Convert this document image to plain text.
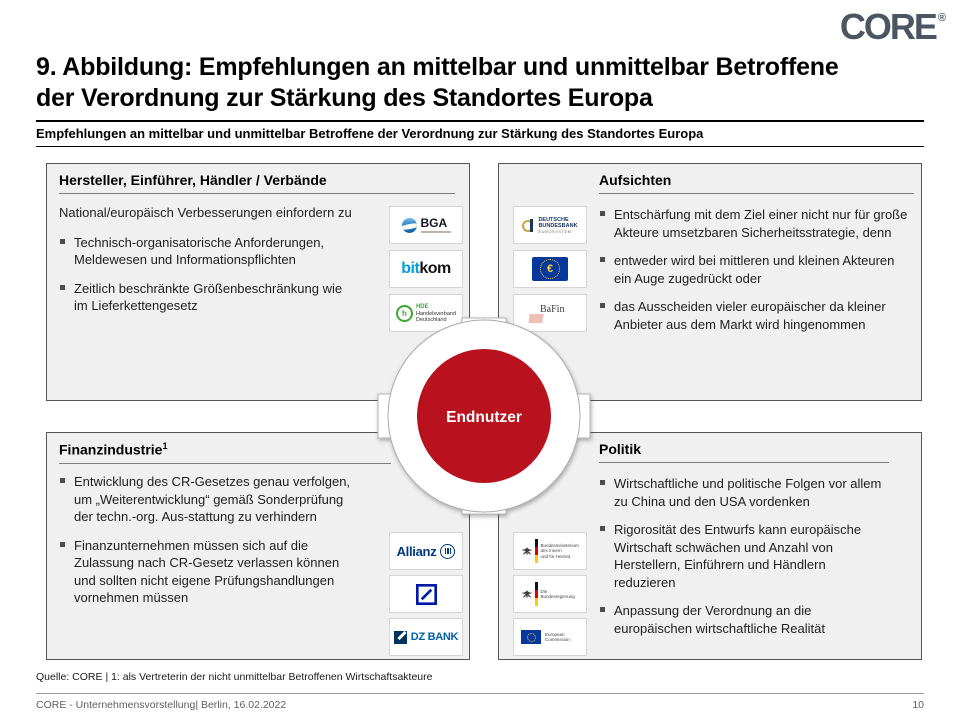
CORE ®
9. Abbildung: Empfehlungen an mittelbar und unmittelbar Betroffene
der Verordnung zur Stärkung des Standortes Europa
Empfehlungen an mittelbar und unmittelbar Betroffene der Verordnung zur Stärkung des Standortes Europa
Hersteller, Einführer, Händler / Verbände
National/europäisch Verbesserungen einfordern zu
Technisch-organisatorische Anforderungen, Meldewesen und Informationspflichten
Zeitlich beschränkte Größenbeschränkung wie im Lieferkettengesetz
BGA
bitkom
h
HDE
Handelsverband
Deutschland
Aufsichten
Entschärfung mit dem Ziel einer nicht nur für große Akteure umsetzbaren Sicherheitsstrategie, denn
entweder wird bei mittleren und kleinen Akteuren ein Auge zugedrückt oder
das Ausscheiden vieler europäischer da kleiner Anbieter aus dem Markt wird hingenommen
DEUTSCHE
BUNDESBANK
EUROSYSTEM
€
BaFin
Finanzindustrie$^1$
Entwicklung des CR-Gesetzes genau verfolgen, um „Weiterentwicklung“ gemäß Sonderprüfung der techn.-org. Aus-stattung zu verhindern
Finanzunternehmen müssen sich auf die Zulassung nach CR-Gesetz verlassen können und sollten nicht eigene Prüfungshandlungen vornehmen müssen
Allianz
DZ BANK
Politik
Wirtschaftliche und politische Folgen vor allem zu China und den USA vordenken
Rigorosität des Entwurfs kann europäische Wirtschaft schwächen und Anzahl von Herstellern, Einführern und Händlern reduzieren
Anpassung der Verordnung an die europäischen wirtschaftliche Realität
Bundesministerium
des Innern
und für Heimat
Die
Bundesregierung
European
Commission
Endnutzer
Quelle: CORE | 1: als Vertreterin der nicht unmittelbar Betroffenen Wirtschaftsakteure
CORE - Unternehmensvorstellung| Berlin, 16.02.2022	10
